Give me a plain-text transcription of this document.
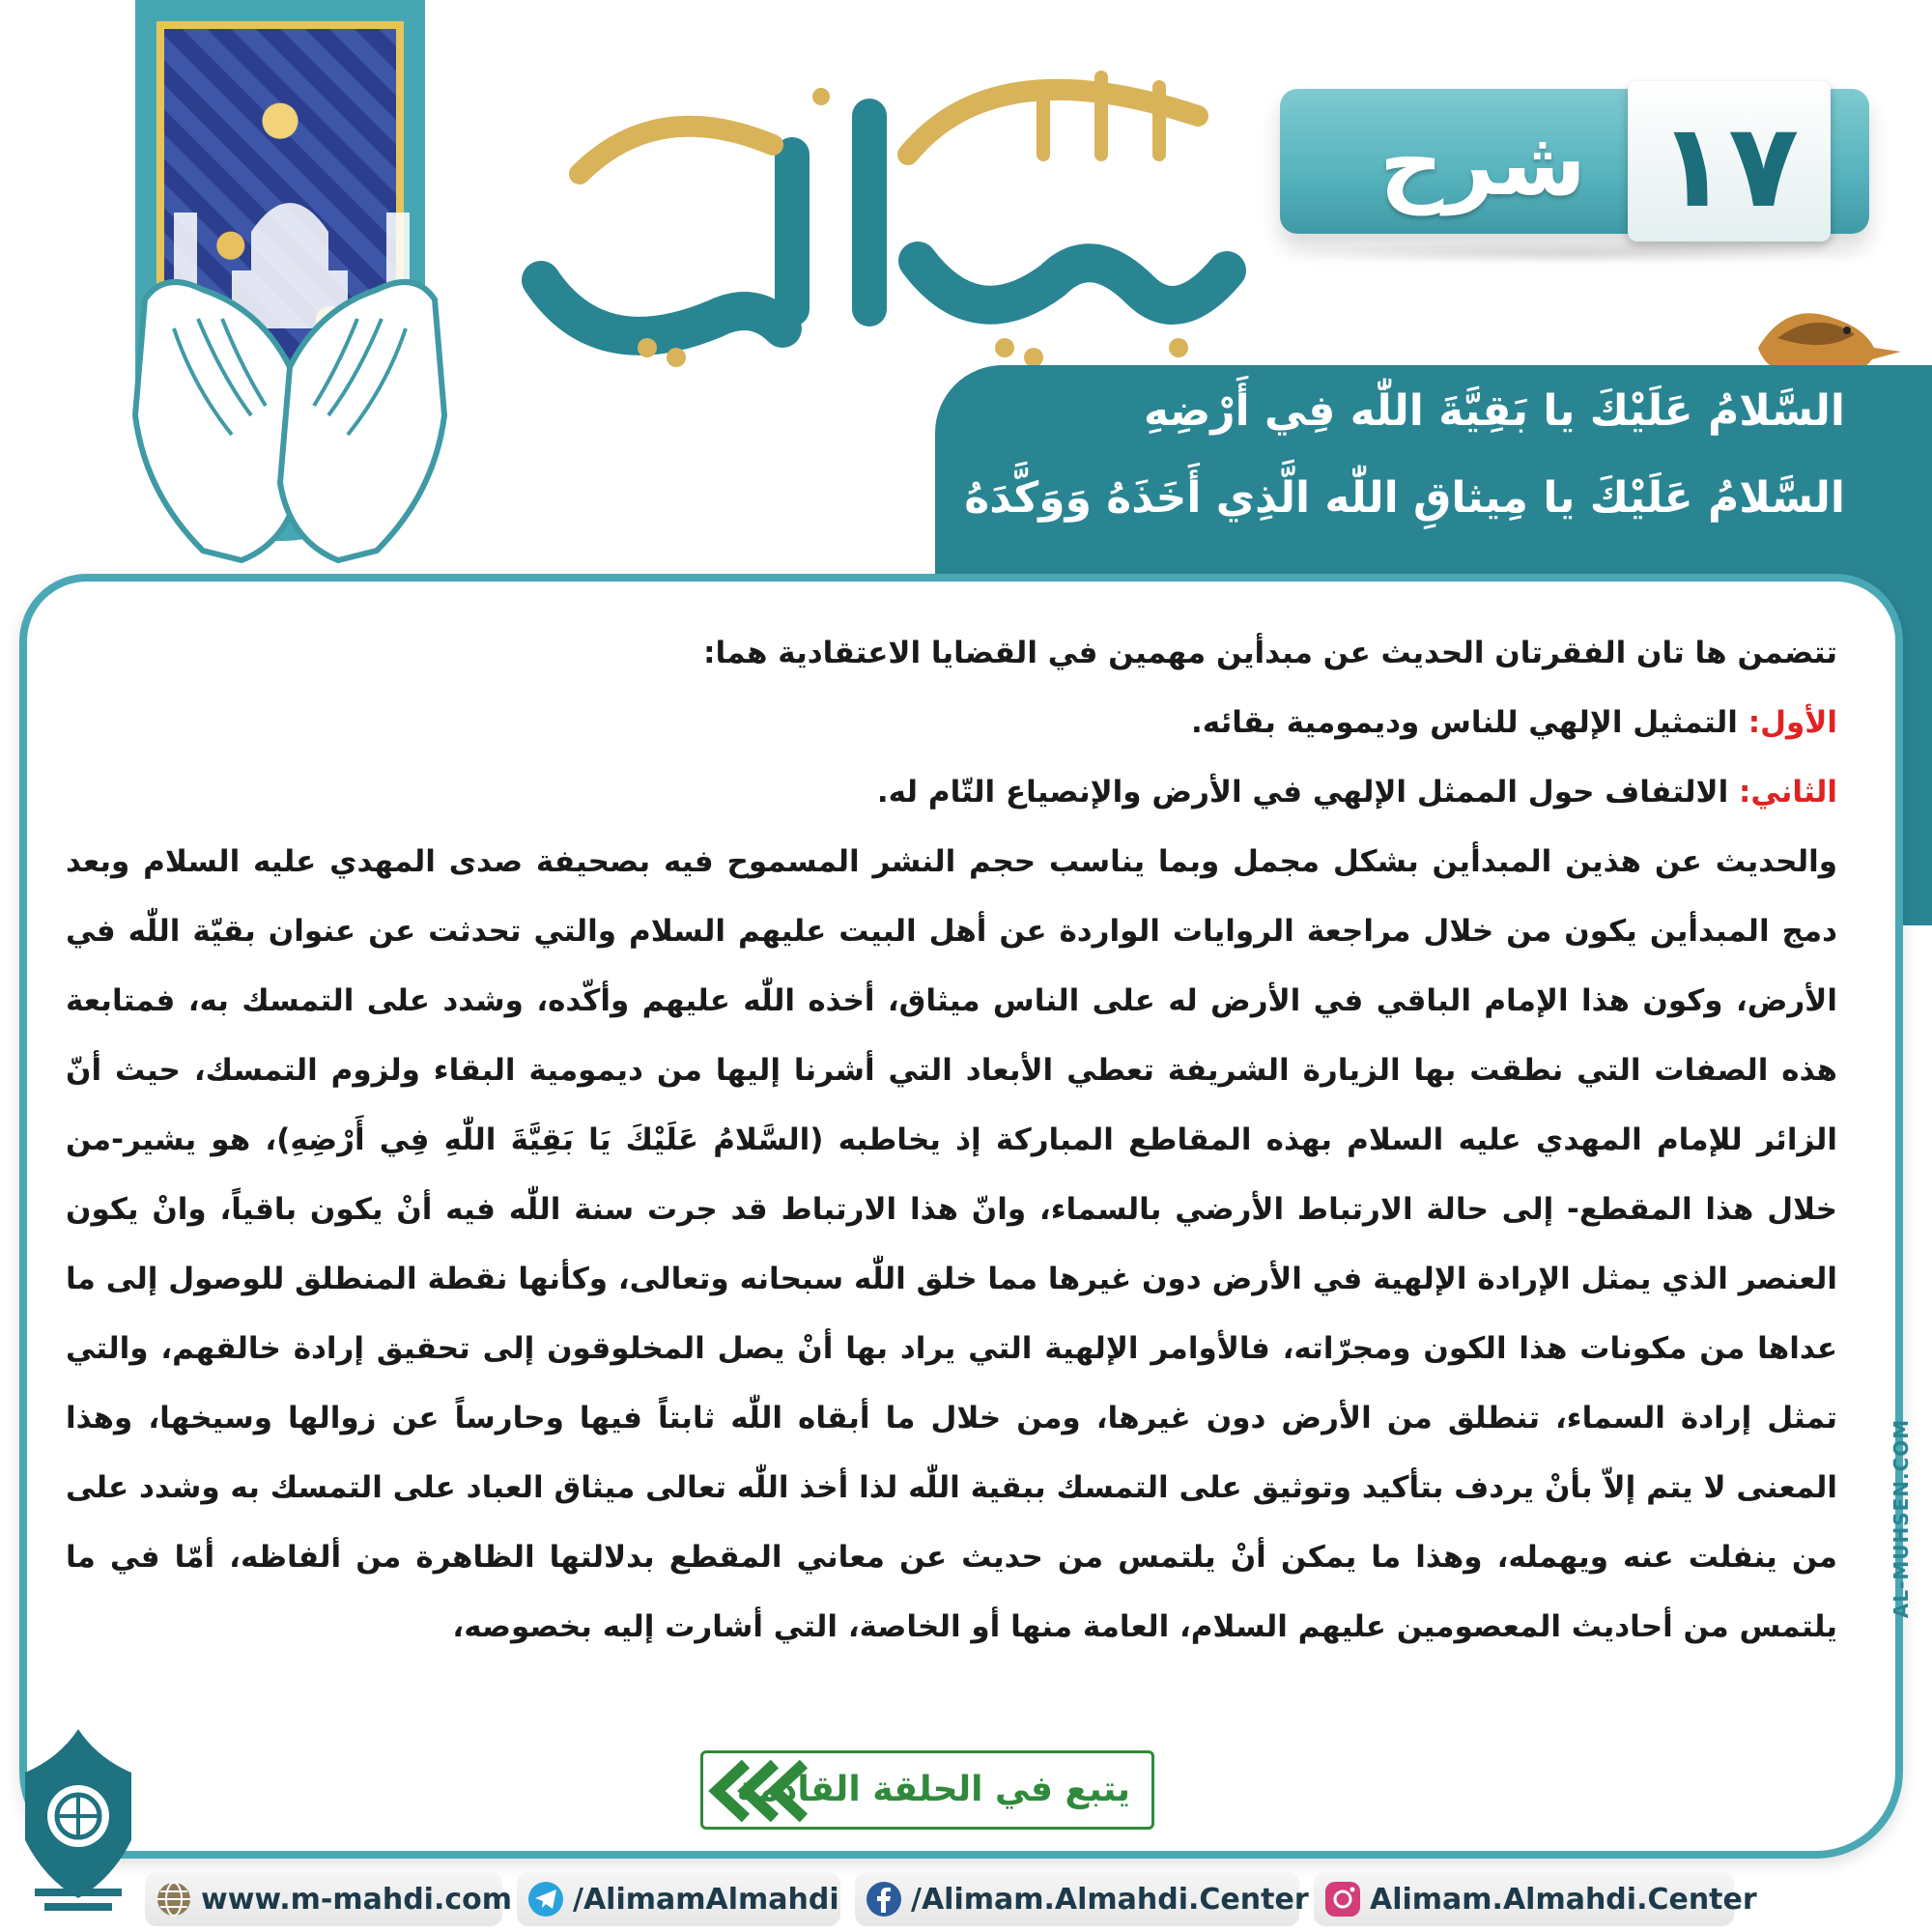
زيارة آل ياسين
شرح ١٧
السَّلامُ عَلَيْكَ يا بَقِيَّةَ اللّٰه فِي أَرْضِهِ
السَّلامُ عَلَيْكَ يا مِيثاقِ اللّٰه الَّذِي أَخَذَهُ وَوَكَّدَهُ

تتضمن ها تان الفقرتان الحديث عن مبدأين مهمين في القضايا الاعتقادية هما:

الأول: التمثيل الإلهي للناس وديمومية بقائه.

الثاني: الالتفاف حول الممثل الإلهي في الأرض والإنصياع التّام له.

والحديث عن هذين المبدأين بشكل مجمل وبما يناسب حجم النشر المسموح فيه بصحيفة صدى المهدي عليه السلام وبعد دمج المبدأين يكون من خلال مراجعة الروايات الواردة عن أهل البيت عليهم السلام والتي تحدثت عن عنوان بقيّة اللّٰه في الأرض، وكون هذا الإمام الباقي في الأرض له على الناس ميثاق، أخذه اللّٰه عليهم وأكّده، وشدد على التمسك به، فمتابعة هذه الصفات التي نطقت بها الزيارة الشريفة تعطي الأبعاد التي أشرنا إليها من ديمومية البقاء ولزوم التمسك، حيث أنّ الزائر للإمام المهدي عليه السلام بهذه المقاطع المباركة إذ يخاطبه (السَّلامُ عَلَيْكَ يَا بَقِيَّةَ اللّٰهِ فِي أَرْضِهِ)، هو يشير-من خلال هذا المقطع- إلى حالة الارتباط الأرضي بالسماء، وانّ هذا الارتباط قد جرت سنة اللّٰه فيه أنْ يكون باقياً، وانْ يكون العنصر الذي يمثل الإرادة الإلهية في الأرض دون غيرها مما خلق اللّٰه سبحانه وتعالى، وكأنها نقطة المنطلق للوصول إلى ما عداها من مكونات هذا الكون ومجرّاته، فالأوامر الإلهية التي يراد بها أنْ يصل المخلوقون إلى تحقيق إرادة خالقهم، والتي تمثل إرادة السماء، تنطلق من الأرض دون غيرها، ومن خلال ما أبقاه اللّٰه ثابتاً فيها وحارساً عن زوالها وسيخها، وهذا المعنى لا يتم إلاّ بأنْ يردف بتأكيد وتوثيق على التمسك ببقية اللّٰه لذا أخذ اللّٰه تعالى ميثاق العباد على التمسك به وشدد على من ينفلت عنه ويهمله، وهذا ما يمكن أنْ يلتمس من حديث عن معاني المقطع بدلالتها الظاهرة من ألفاظه، أمّا في ما يلتمس من أحاديث المعصومين عليهم السلام، العامة منها أو الخاصة، التي أشارت إليه بخصوصه،

يتبع في الحلقة القادمة
AL-MUHSEN.COM
www.m-mahdi.com /AlimamAlmahdi /Alimam.Almahdi.Center Alimam.Almahdi.Center
